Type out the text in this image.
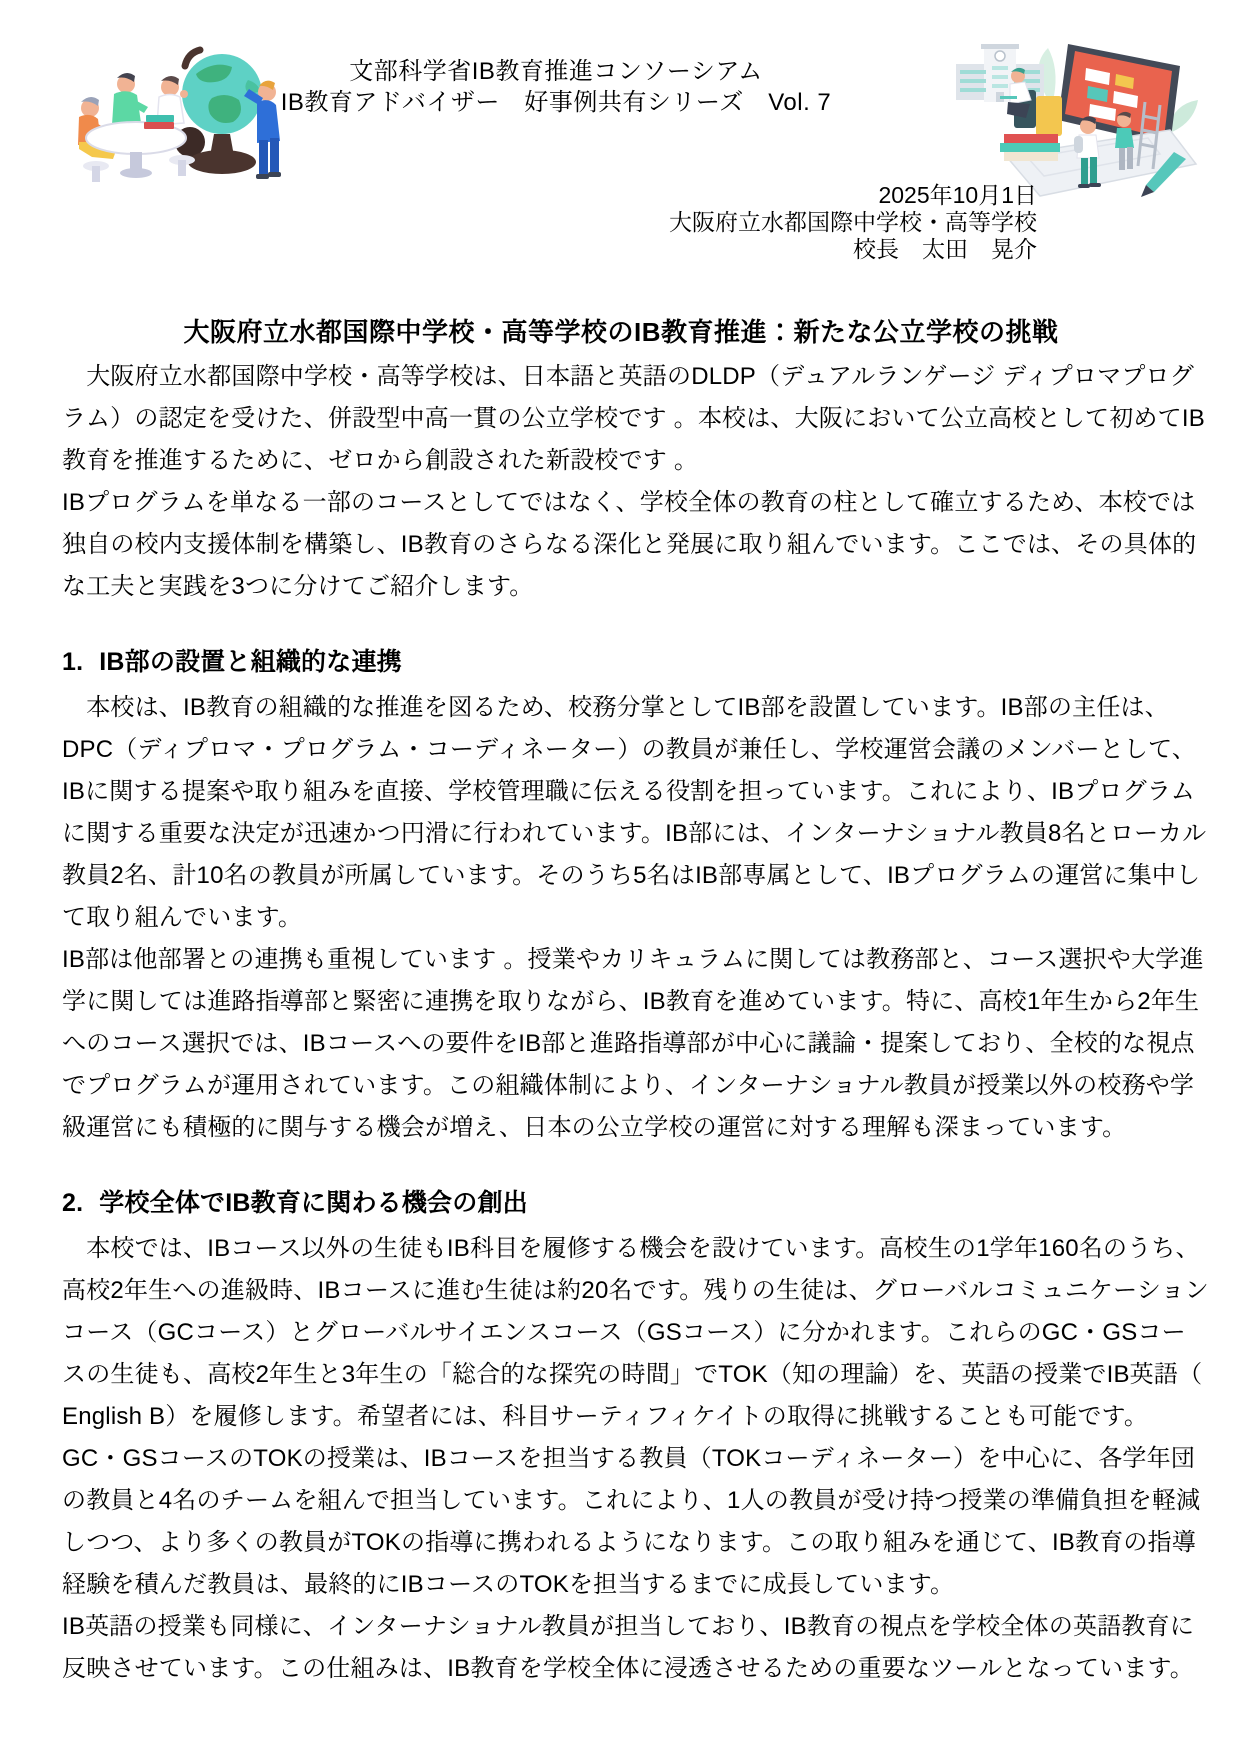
文部科学省IB教育推進コンソーシアム
IB教育アドバイザー　好事例共有シリーズ　Vol. 7
2025年10月1日
大阪府立水都国際中学校・高等学校
校長　太田　晃介
大阪府立水都国際中学校・高等学校のIB教育推進：新たな公立学校の挑戦
　大阪府立水都国際中学校・高等学校は、日本語と英語のDLDP（デュアルランゲージ ディプロマプログ
ラム）の認定を受けた、併設型中高一貫の公立学校です 。本校は、大阪において公立高校として初めてIB
教育を推進するために、ゼロから創設された新設校です 。
IBプログラムを単なる一部のコースとしてではなく、学校全体の教育の柱として確立するため、本校では
独自の校内支援体制を構築し、IB教育のさらなる深化と発展に取り組んでいます。ここでは、その具体的
な工夫と実践を3つに分けてご紹介します。
1. IB部の設置と組織的な連携
　本校は、IB教育の組織的な推進を図るため、校務分掌としてIB部を設置しています。IB部の主任は、
DPC（ディプロマ・プログラム・コーディネーター）の教員が兼任し、学校運営会議のメンバーとして、
IBに関する提案や取り組みを直接、学校管理職に伝える役割を担っています。これにより、IBプログラム
に関する重要な決定が迅速かつ円滑に行われています。IB部には、インターナショナル教員8名とローカル
教員2名、計10名の教員が所属しています。そのうち5名はIB部専属として、IBプログラムの運営に集中し
て取り組んでいます。
IB部は他部署との連携も重視しています 。授業やカリキュラムに関しては教務部と、コース選択や大学進
学に関しては進路指導部と緊密に連携を取りながら、IB教育を進めています。特に、高校1年生から2年生
へのコース選択では、IBコースへの要件をIB部と進路指導部が中心に議論・提案しており、全校的な視点
でプログラムが運用されています。この組織体制により、インターナショナル教員が授業以外の校務や学
級運営にも積極的に関与する機会が増え、日本の公立学校の運営に対する理解も深まっています。
2. 学校全体でIB教育に関わる機会の創出
　本校では、IBコース以外の生徒もIB科目を履修する機会を設けています。高校生の1学年160名のうち、
高校2年生への進級時、IBコースに進む生徒は約20名です。残りの生徒は、グローバルコミュニケーション
コース（GCコース）とグローバルサイエンスコース（GSコース）に分かれます。これらのGC・GSコー
スの生徒も、高校2年生と3年生の「総合的な探究の時間」でTOK（知の理論）を、英語の授業でIB英語（
English B）を履修します。希望者には、科目サーティフィケイトの取得に挑戦することも可能です。
GC・GSコースのTOKの授業は、IBコースを担当する教員（TOKコーディネーター）を中心に、各学年団
の教員と4名のチームを組んで担当しています。これにより、1人の教員が受け持つ授業の準備負担を軽減
しつつ、より多くの教員がTOKの指導に携われるようになります。この取り組みを通じて、IB教育の指導
経験を積んだ教員は、最終的にIBコースのTOKを担当するまでに成長しています。
IB英語の授業も同様に、インターナショナル教員が担当しており、IB教育の視点を学校全体の英語教育に
反映させています。この仕組みは、IB教育を学校全体に浸透させるための重要なツールとなっています。
